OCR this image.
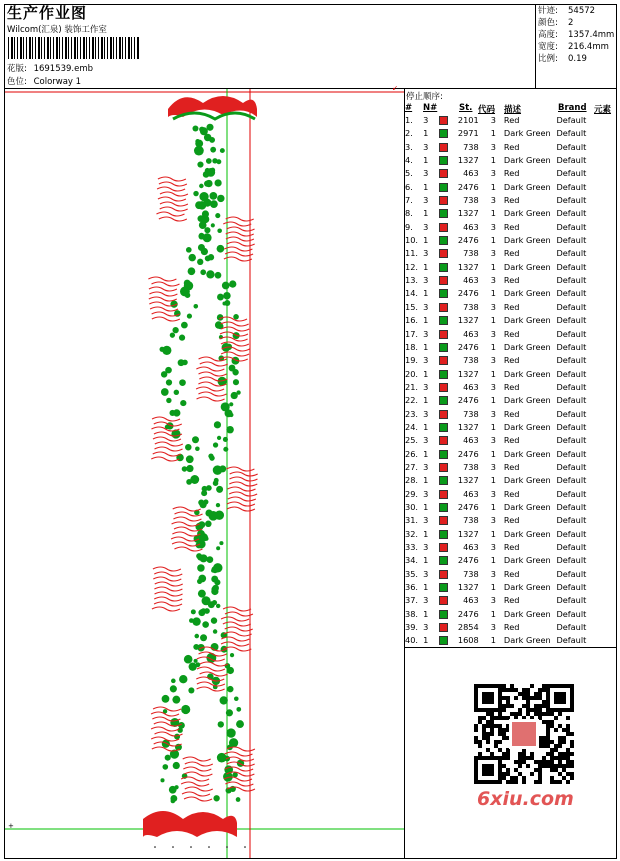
生产作业图
Wilcom(汇泉) 装饰工作室
花版: 1691539.emb
色位: Colorway 1
针迹: 54572
颜色: 2
高度: 1357.4mm
宽度: 216.4mm
比例: 0.19
+
↙
停止顺序:
# N#	St. 代码 描述	Brand 元素
1.	3		2101	3	Red	Default
2.	1		2971	1	Dark Green	Default
3.	3		738	3	Red	Default
4.	1		1327	1	Dark Green	Default
5.	3		463	3	Red	Default
6.	1		2476	1	Dark Green	Default
7.	3		738	3	Red	Default
8.	1		1327	1	Dark Green	Default
9.	3		463	3	Red	Default
10.	1		2476	1	Dark Green	Default
11.	3		738	3	Red	Default
12.	1		1327	1	Dark Green	Default
13.	3		463	3	Red	Default
14.	1		2476	1	Dark Green	Default
15.	3		738	3	Red	Default
16.	1		1327	1	Dark Green	Default
17.	3		463	3	Red	Default
18.	1		2476	1	Dark Green	Default
19.	3		738	3	Red	Default
20.	1		1327	1	Dark Green	Default
21.	3		463	3	Red	Default
22.	1		2476	1	Dark Green	Default
23.	3		738	3	Red	Default
24.	1		1327	1	Dark Green	Default
25.	3		463	3	Red	Default
26.	1		2476	1	Dark Green	Default
27.	3		738	3	Red	Default
28.	1		1327	1	Dark Green	Default
29.	3		463	3	Red	Default
30.	1		2476	1	Dark Green	Default
31.	3		738	3	Red	Default
32.	1		1327	1	Dark Green	Default
33.	3		463	3	Red	Default
34.	1		2476	1	Dark Green	Default
35.	3		738	3	Red	Default
36.	1		1327	1	Dark Green	Default
37.	3		463	3	Red	Default
38.	1		2476	1	Dark Green	Default
39.	3		2854	3	Red	Default
40.	1		1608	1	Dark Green	Default
6xiu.com
